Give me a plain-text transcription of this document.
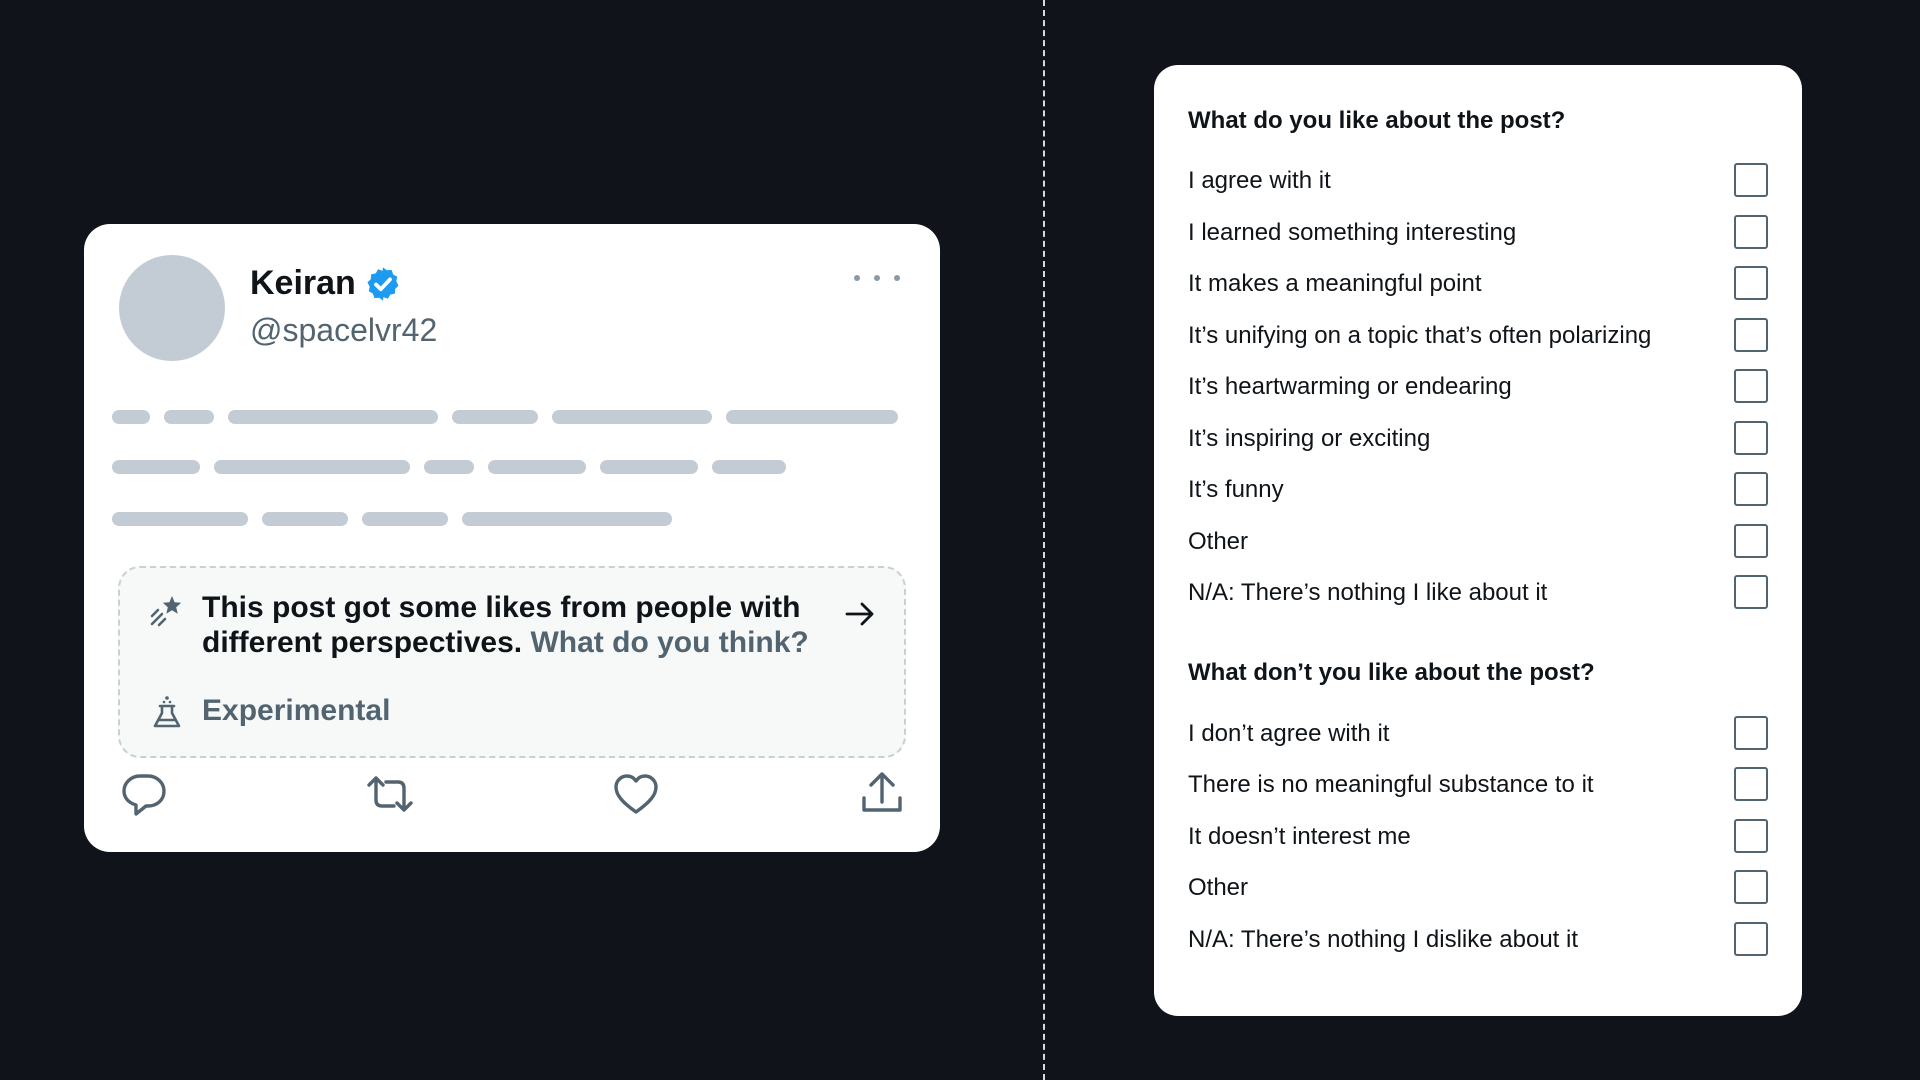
Keiran
@spacelvr42
This post got some likes from people with different perspectives. What do you think?
Experimental
What do you like about the post?
I agree with it
I learned something interesting
It makes a meaningful point
It’s unifying on a topic that’s often polarizing
It’s heartwarming or endearing
It’s inspiring or exciting
It’s funny
Other
N/A: There’s nothing I like about it
What don’t you like about the post?
I don’t agree with it
There is no meaningful substance to it
It doesn’t interest me
Other
N/A: There’s nothing I dislike about it
